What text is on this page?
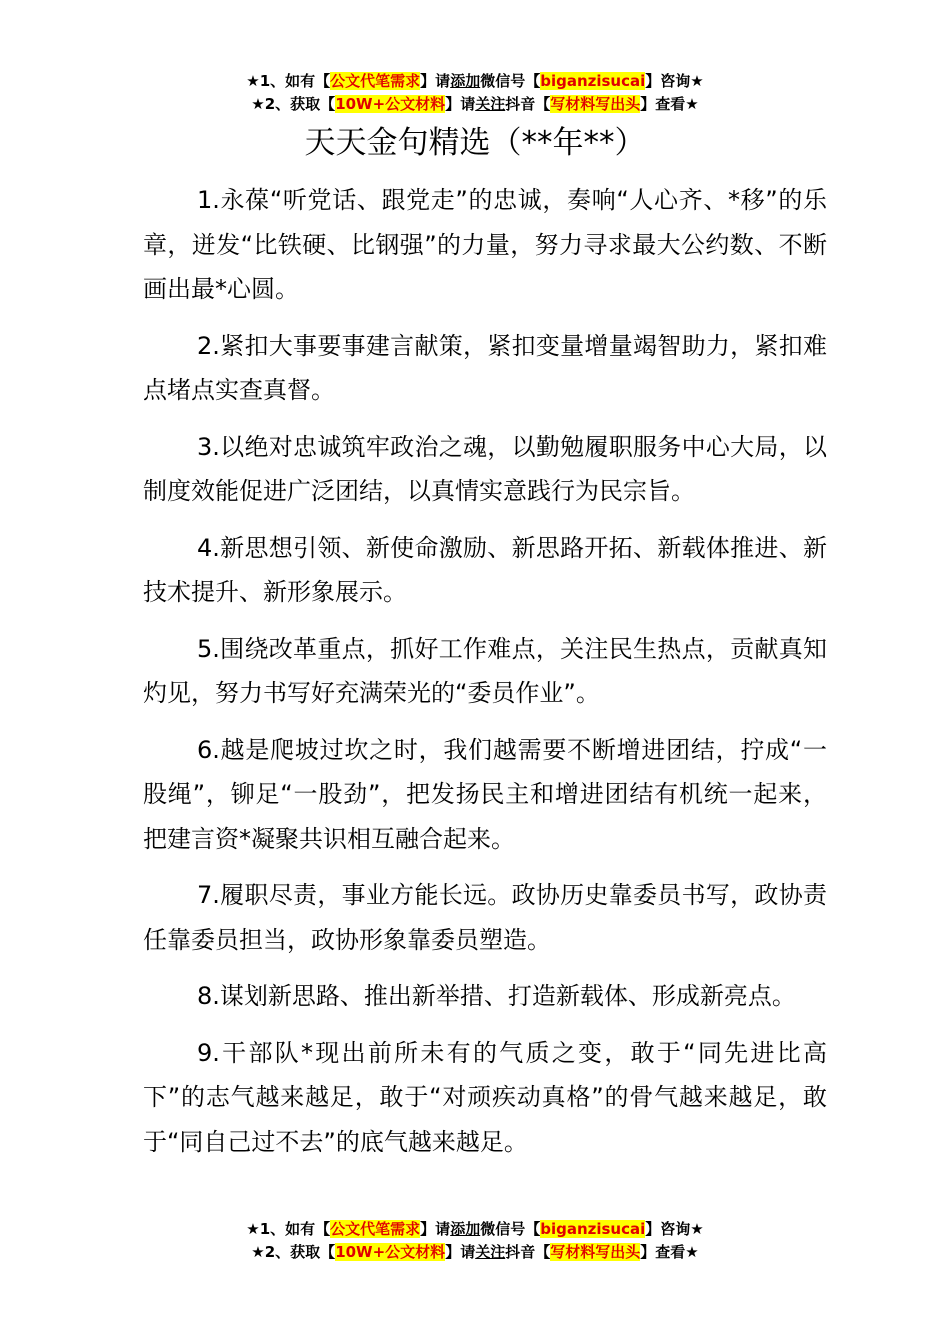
★1、如有【公文代笔需求】请添加微信号【biganzisucai】咨询★
★2、获取【10W+公文材料】请关注抖音【写材料写出头】查看★
天天金句精选（**年**）

1.永葆“听党话、跟党走”的忠诚，奏响“人心齐、*移”的乐章，迸发“比铁硬、比钢强”的力量，努力寻求最大公约数、不断画出最*心圆。

2.紧扣大事要事建言献策，紧扣变量增量竭智助力，紧扣难点堵点实查真督。

3.以绝对忠诚筑牢政治之魂，以勤勉履职服务中心大局，以制度效能促进广泛团结，以真情实意践行为民宗旨。

4.新思想引领、新使命激励、新思路开拓、新载体推进、新技术提升、新形象展示。

5.围绕改革重点，抓好工作难点，关注民生热点，贡献真知灼见，努力书写好充满荣光的“委员作业”。

6.越是爬坡过坎之时，我们越需要不断增进团结，拧成“一股绳”，铆足“一股劲”，把发扬民主和增进团结有机统一起来，把建言资*凝聚共识相互融合起来。

7.履职尽责，事业方能长远。政协历史靠委员书写，政协责任靠委员担当，政协形象靠委员塑造。

8.谋划新思路、推出新举措、打造新载体、形成新亮点。

9.干部队*现出前所未有的气质之变，敢于“同先进比高下”的志气越来越足，敢于“对顽疾动真格”的骨气越来越足，敢于“同自己过不去”的底气越来越足。

★1、如有【公文代笔需求】请添加微信号【biganzisucai】咨询★
★2、获取【10W+公文材料】请关注抖音【写材料写出头】查看★
